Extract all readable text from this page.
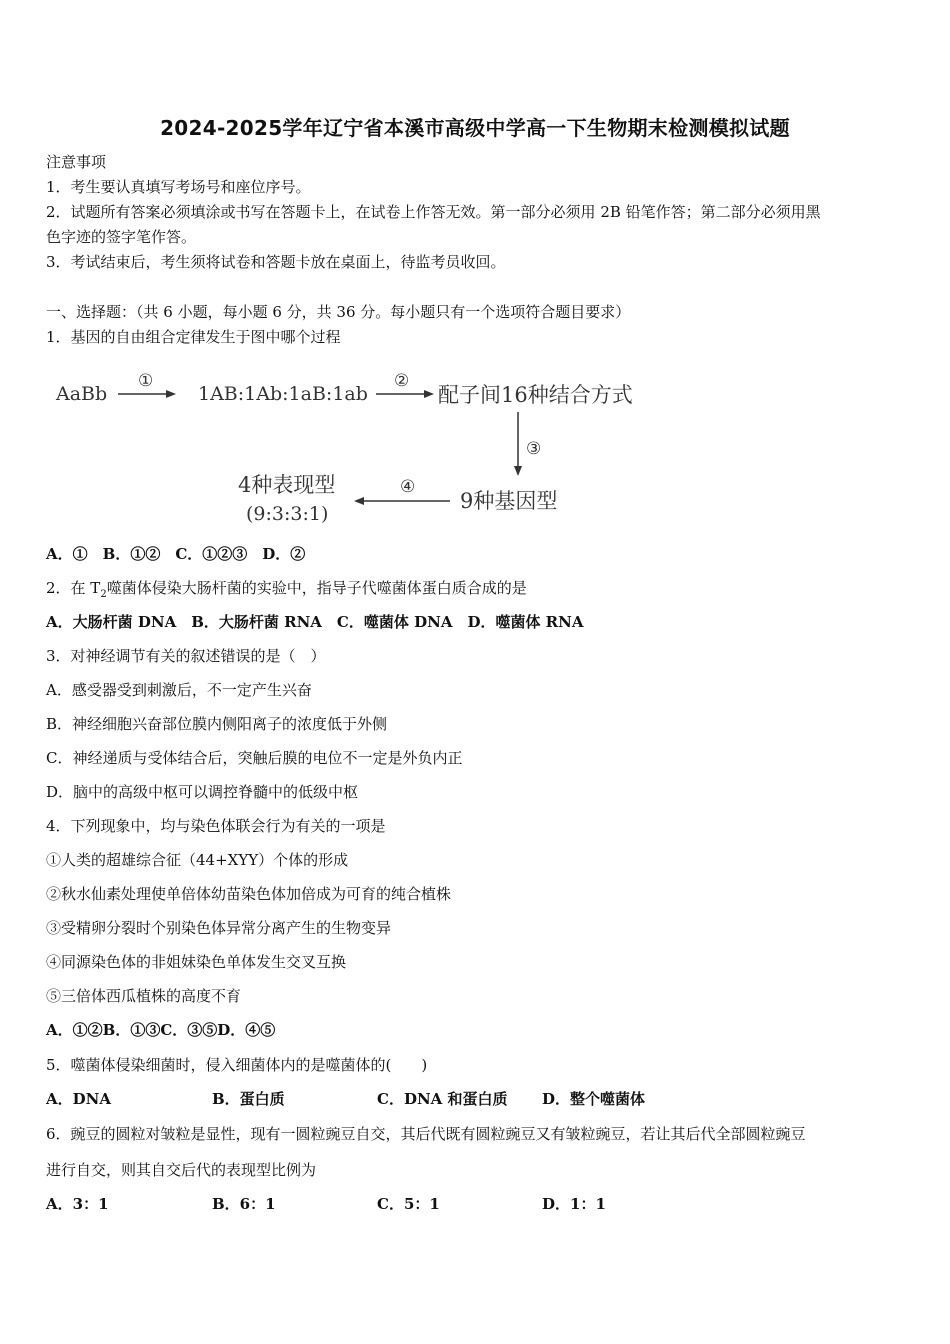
2024-2025学年辽宁省本溪市高级中学高一下生物期末检测模拟试题
注意事项
1．考生要认真填写考场号和座位序号。
2．试题所有答案必须填涂或书写在答题卡上，在试卷上作答无效。第一部分必须用 2B 铅笔作答；第二部分必须用黑
色字迹的签字笔作答。
3．考试结束后，考生须将试卷和答题卡放在桌面上，待监考员收回。
一、选择题：（共 6 小题，每小题 6 分，共 36 分。每小题只有一个选项符合题目要求）
1．基因的自由组合定律发生于图中哪个过程
AaBb
①
1AB:1Ab:1aB:1ab
②
配子间16种结合方式
③
9种基因型
④
4种表现型
(9:3:3:1)
A．①　B．①②　C．①②③　D．②
2．在 $T_2$噬菌体侵染大肠杆菌的实验中，指导子代噬菌体蛋白质合成的是
A．大肠杆菌 DNA　B．大肠杆菌 RNA　C．噬菌体 DNA　D．噬菌体 RNA
3．对神经调节有关的叙述错误的是（　）
A．感受器受到刺激后，不一定产生兴奋
B．神经细胞兴奋部位膜内侧阳离子的浓度低于外侧
C．神经递质与受体结合后，突触后膜的电位不一定是外负内正
D．脑中的高级中枢可以调控脊髓中的低级中枢
4．下列现象中，均与染色体联会行为有关的一项是
①人类的超雄综合征（44+XYY）个体的形成
②秋水仙素处理使单倍体幼苗染色体加倍成为可育的纯合植株
③受精卵分裂时个别染色体异常分离产生的生物变异
④同源染色体的非姐妹染色单体发生交叉互换
⑤三倍体西瓜植株的高度不育
A．①②B．①③C．③⑤D．④⑤
5．噬菌体侵染细菌时，侵入细菌体内的是噬菌体的(　　)
A．DNA	B．蛋白质	C．DNA 和蛋白质 D．整个噬菌体
6．豌豆的圆粒对皱粒是显性，现有一圆粒豌豆自交，其后代既有圆粒豌豆又有皱粒豌豆，若让其后代全部圆粒豌豆
进行自交，则其自交后代的表现型比例为
A．3：1	B．6：1	C．5：1	D．1：1
